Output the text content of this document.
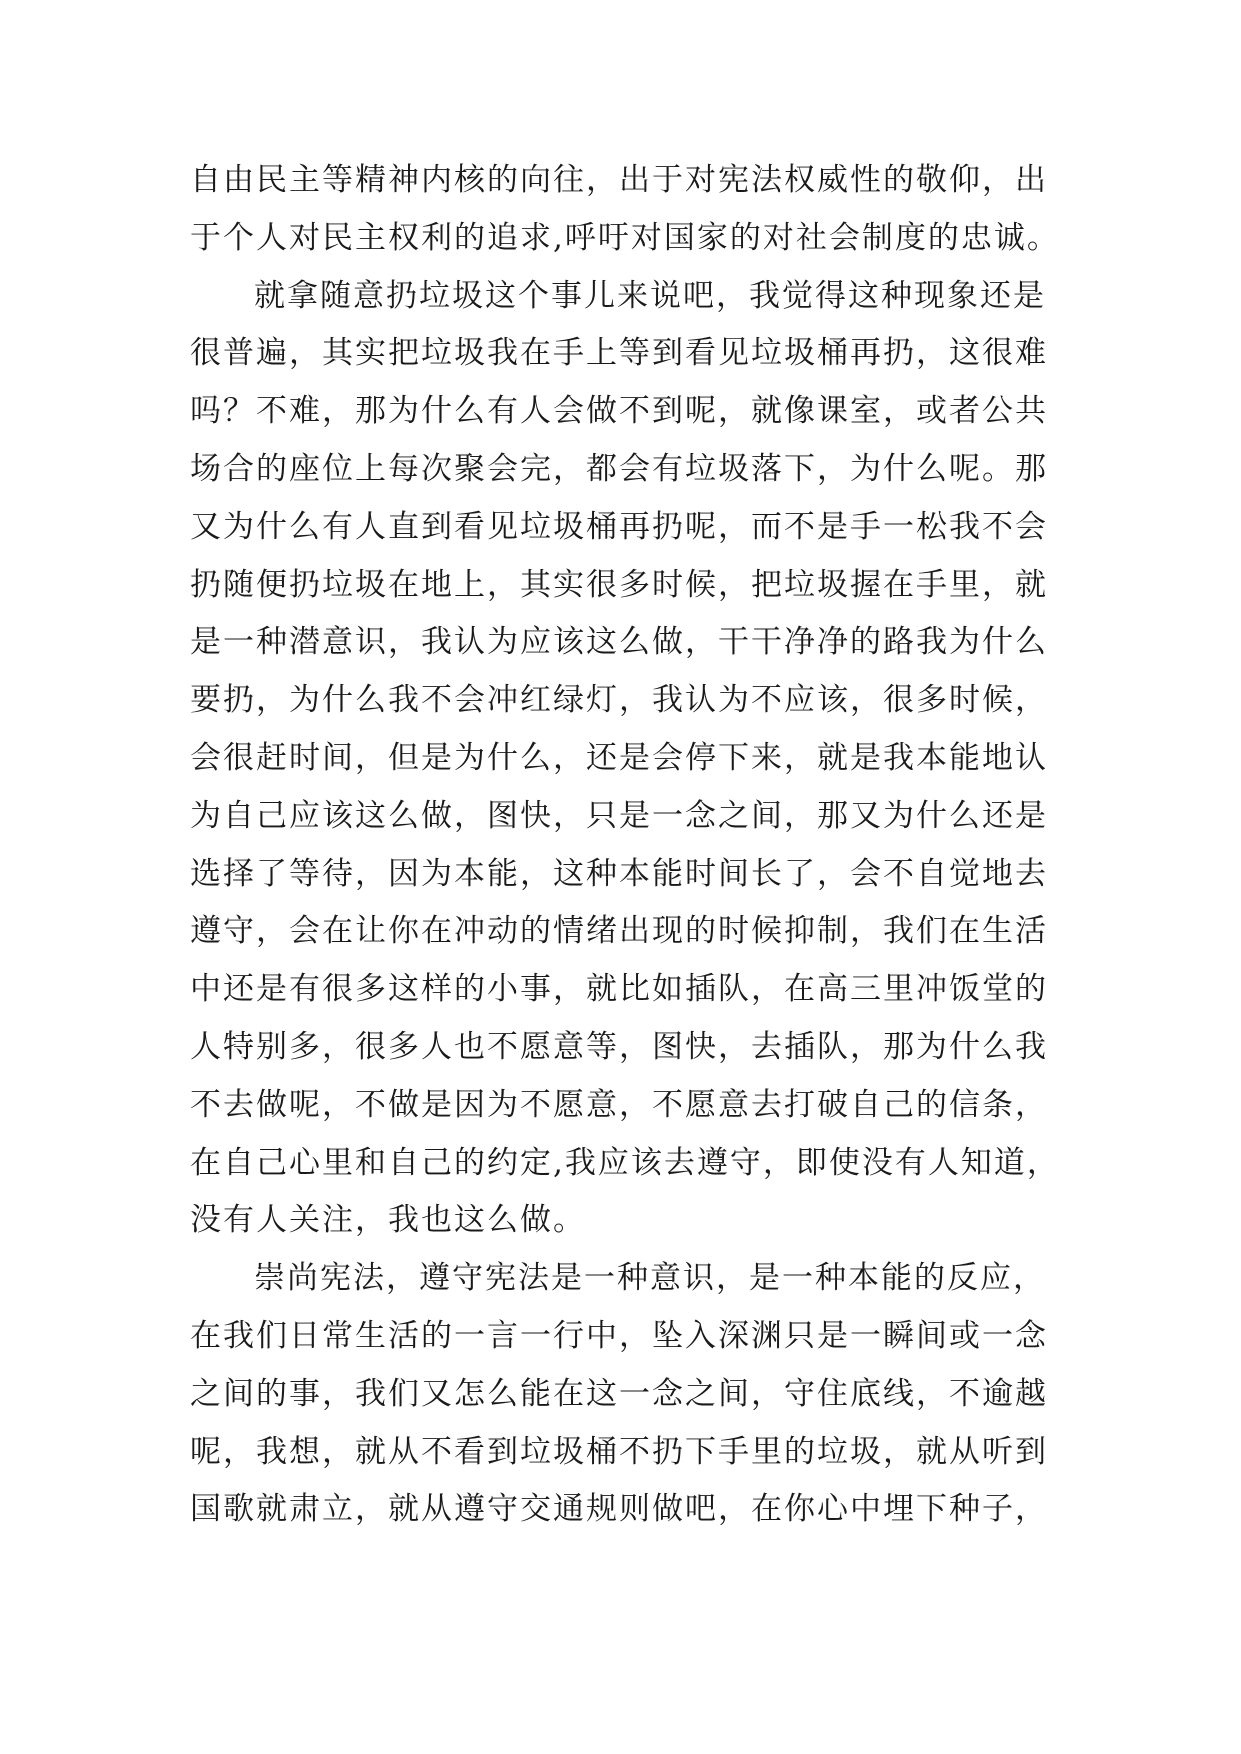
自由民主等精神内核的向往，出于对宪法权威性的敬仰，出
于个人对民主权利的追求,呼吁对国家的对社会制度的忠诚。
就拿随意扔垃圾这个事儿来说吧，我觉得这种现象还是
很普遍，其实把垃圾我在手上等到看见垃圾桶再扔，这很难
吗？不难，那为什么有人会做不到呢，就像课室，或者公共
场合的座位上每次聚会完，都会有垃圾落下，为什么呢。那
又为什么有人直到看见垃圾桶再扔呢，而不是手一松我不会
扔随便扔垃圾在地上，其实很多时候，把垃圾握在手里，就
是一种潜意识，我认为应该这么做，干干净净的路我为什么
要扔，为什么我不会冲红绿灯，我认为不应该，很多时候，
会很赶时间，但是为什么，还是会停下来，就是我本能地认
为自己应该这么做，图快，只是一念之间，那又为什么还是
选择了等待，因为本能，这种本能时间长了，会不自觉地去
遵守，会在让你在冲动的情绪出现的时候抑制，我们在生活
中还是有很多这样的小事，就比如插队，在高三里冲饭堂的
人特别多，很多人也不愿意等，图快，去插队，那为什么我
不去做呢，不做是因为不愿意，不愿意去打破自己的信条，
在自己心里和自己的约定,我应该去遵守，即使没有人知道，
没有人关注，我也这么做。
崇尚宪法，遵守宪法是一种意识，是一种本能的反应，
在我们日常生活的一言一行中，坠入深渊只是一瞬间或一念
之间的事，我们又怎么能在这一念之间，守住底线，不逾越
呢，我想，就从不看到垃圾桶不扔下手里的垃圾，就从听到
国歌就肃立，就从遵守交通规则做吧，在你心中埋下种子，
